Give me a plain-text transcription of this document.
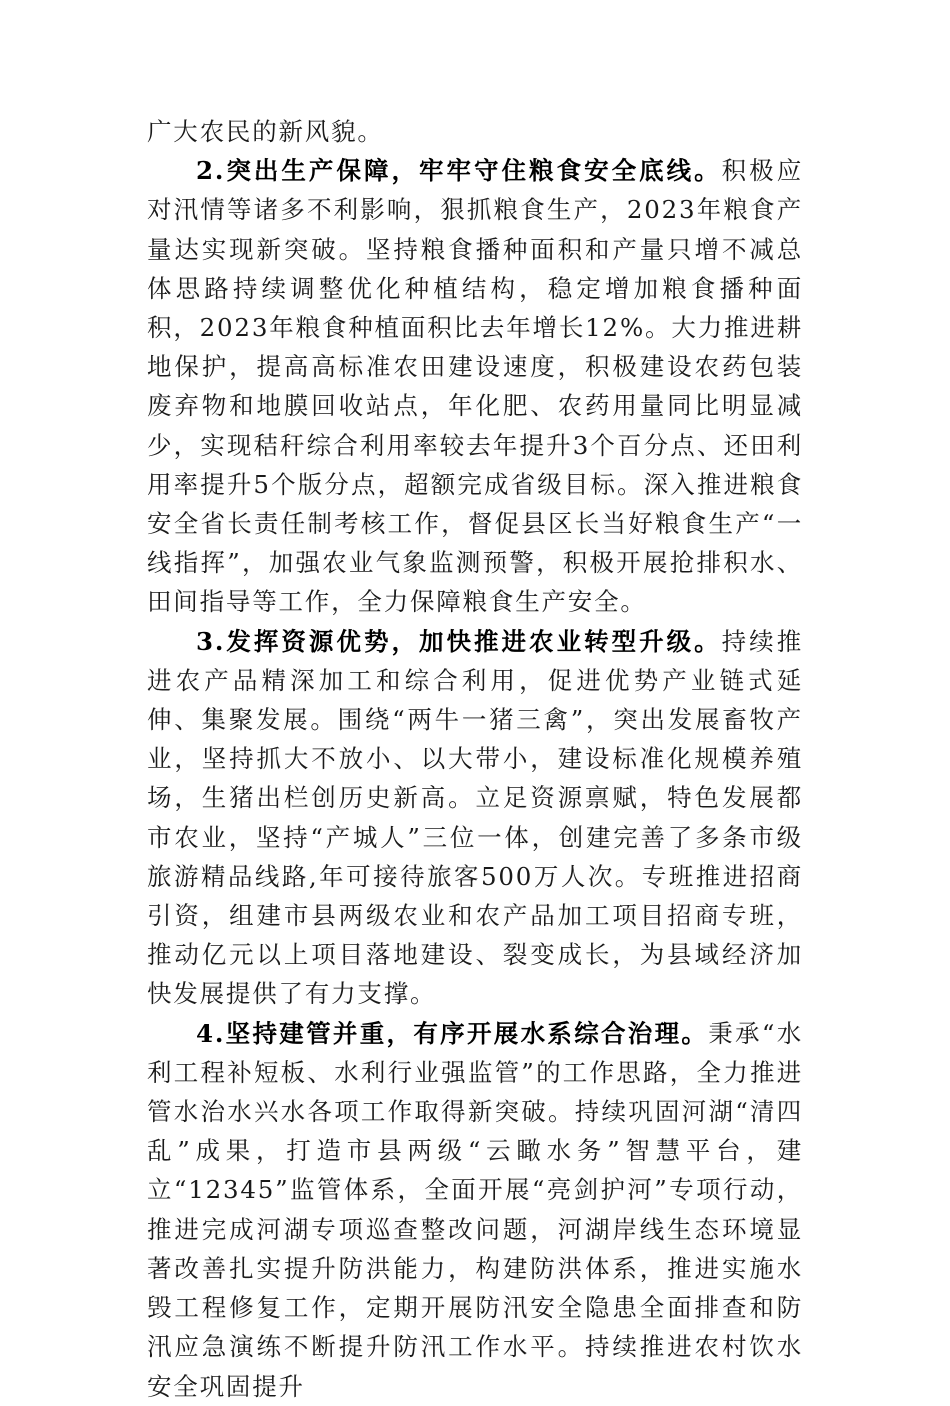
广大农民的新风貌。

2.突出生产保障，牢牢守住粮食安全底线。积极应对汛情等诸多不利影响，狠抓粮食生产，2023年粮食产量达实现新突破。坚持粮食播种面积和产量只增不减总体思路持续调整优化种植结构，稳定增加粮食播种面积，2023年粮食种植面积比去年增长12%。大力推进耕地保护，提高高标准农田建设速度，积极建设农药包装废弃物和地膜回收站点，年化肥、农药用量同比明显减少，实现秸秆综合利用率较去年提升3个百分点、还田利用率提升5个版分点，超额完成省级目标。深入推进粮食安全省长责任制考核工作，督促县区长当好粮食生产“一线指挥”，加强农业气象监测预警，积极开展抢排积水、田间指导等工作，全力保障粮食生产安全。

3.发挥资源优势，加快推进农业转型升级。持续推进农产品精深加工和综合利用，促进优势产业链式延伸、集聚发展。围绕“两牛一猪三禽”，突出发展畜牧产业，坚持抓大不放小、以大带小，建设标准化规模养殖场，生猪出栏创历史新高。立足资源禀赋，特色发展都市农业，坚持“产城人”三位一体，创建完善了多条市级旅游精品线路,年可接待旅客500万人次。专班推进招商引资，组建市县两级农业和农产品加工项目招商专班，推动亿元以上项目落地建设、裂变成长，为县域经济加快发展提供了有力支撑。

4.坚持建管并重，有序开展水系综合治理。秉承“水利工程补短板、水利行业强监管”的工作思路，全力推进管水治水兴水各项工作取得新突破。持续巩固河湖“清四乱”成果，打造市县两级“云瞰水务”智慧平台，建立“12345”监管体系，全面开展“亮剑护河”专项行动，推进完成河湖专项巡查整改问题，河湖岸线生态环境显著改善扎实提升防洪能力，构建防洪体系，推进实施水毁工程修复工作，定期开展防汛安全隐患全面排查和防汛应急演练不断提升防汛工作水平。持续推进农村饮水安全巩固提升
